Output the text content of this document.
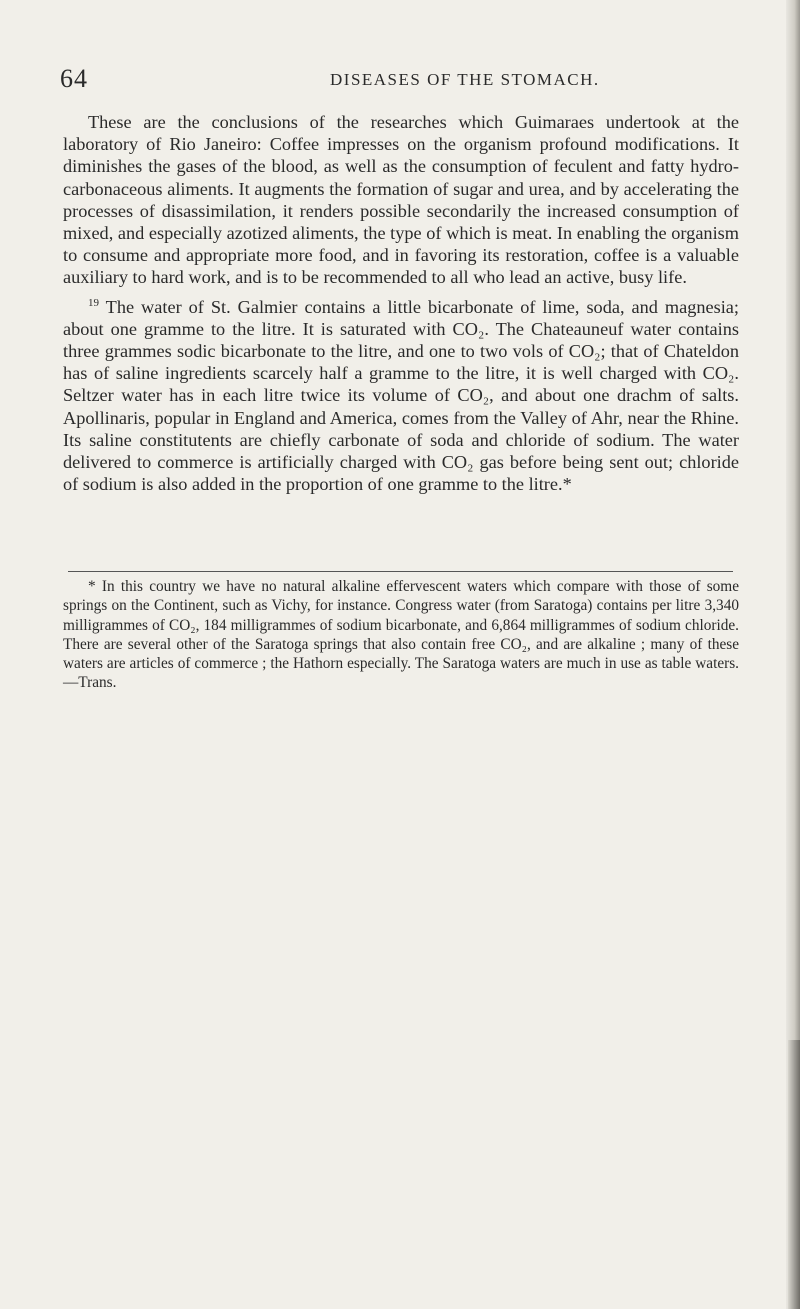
64	DISEASES OF THE STOMACH.

These are the conclusions of the researches which Guimaraes undertook at the laboratory of Rio Janeiro: Coffee impresses on the organism profound modifications. It diminishes the gases of the blood, as well as the consumption of feculent and fatty hydro-carbonaceous aliments. It augments the formation of sugar and urea, and by accelerating the processes of disassimilation, it renders possible secondarily the increased consumption of mixed, and especially azotized aliments, the type of which is meat. In enabling the organism to consume and appropriate more food, and in favoring its restoration, coffee is a valuable auxiliary to hard work, and is to be recommended to all who lead an active, busy life.

$^{19}$ The water of St. Galmier contains a little bicarbonate of lime, soda, and magnesia; about one gramme to the litre. It is saturated with CO₂. The Chateauneuf water contains three grammes sodic bicarbonate to the litre, and one to two vols of CO₂; that of Chateldon has of saline ingredients scarcely half a gramme to the litre, it is well charged with CO₂. Seltzer water has in each litre twice its volume of CO₂, and about one drachm of salts. Apollinaris, popular in England and America, comes from the Valley of Ahr, near the Rhine. Its saline constitutents are chiefly carbonate of soda and chloride of sodium. The water delivered to commerce is artificially charged with CO₂ gas before being sent out; chloride of sodium is also added in the proportion of one gramme to the litre.*

* In this country we have no natural alkaline effervescent waters which compare with those of some springs on the Continent, such as Vichy, for instance. Congress water (from Saratoga) contains per litre 3,340 milligrammes of CO₂, 184 milligrammes of sodium bicarbonate, and 6,864 milligrammes of sodium chloride. There are several other of the Saratoga springs that also contain free CO₂, and are alkaline ; many of these waters are articles of commerce ; the Hathorn especially. The Saratoga waters are much in use as table waters.—Trans.
